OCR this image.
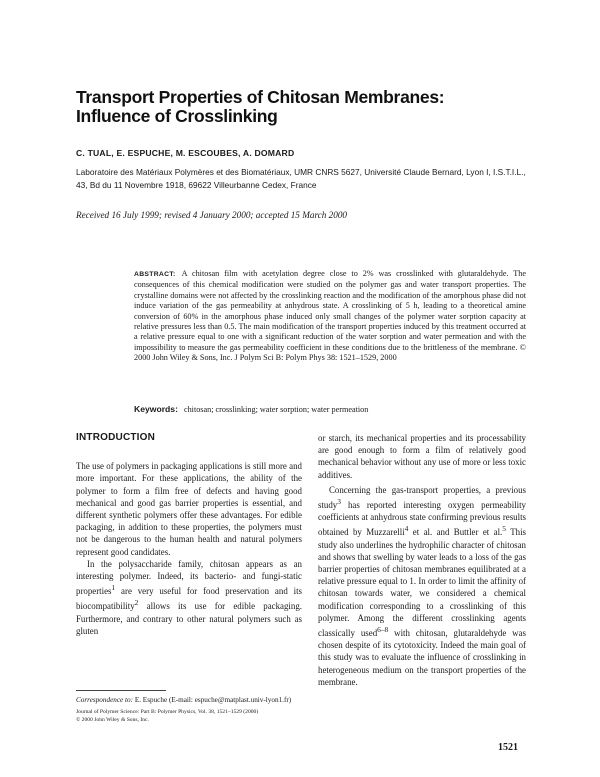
Transport Properties of Chitosan Membranes:
Influence of Crosslinking
C. TUAL, E. ESPUCHE, M. ESCOUBES, A. DOMARD
Laboratoire des Matériaux Polymères et des Biomatériaux, UMR CNRS 5627, Université Claude Bernard, Lyon I, I.S.T.I.L.,
43, Bd du 11 Novembre 1918, 69622 Villeurbanne Cedex, France
Received 16 July 1999; revised 4 January 2000; accepted 15 March 2000
ABSTRACT: A chitosan film with acetylation degree close to 2% was crosslinked with glutaraldehyde. The consequences of this chemical modification were studied on the polymer gas and water transport properties. The crystalline domains were not affected by the crosslinking reaction and the modification of the amorphous phase did not induce variation of the gas permeability at anhydrous state. A crosslinking of 5 h, leading to a theoretical amine conversion of 60% in the amorphous phase induced only small changes of the polymer water sorption capacity at relative pressures less than 0.5. The main modification of the transport properties induced by this treatment occurred at a relative pressure equal to one with a significant reduction of the water sorption and water permeation and with the impossibility to measure the gas permeability coefficient in these conditions due to the brittleness of the membrane. © 2000 John Wiley & Sons, Inc. J Polym Sci B: Polym Phys 38: 1521–1529, 2000
Keywords: chitosan; crosslinking; water sorption; water permeation
INTRODUCTION

The use of polymers in packaging applications is still more and more important. For these applications, the ability of the polymer to form a film free of defects and having good mechanical and good gas barrier properties is essential, and different synthetic polymers offer these advantages. For edible packaging, in addition to these properties, the polymers must not be dangerous to the human health and natural polymers represent good candidates.

In the polysaccharide family, chitosan appears as an interesting polymer. Indeed, its bacterio- and fungi-static properties$^1$ are very useful for food preservation and its biocompatibility$^2$ allows its use for edible packaging. Furthermore, and contrary to other natural polymers such as gluten

or starch, its mechanical properties and its processability are good enough to form a film of relatively good mechanical behavior without any use of more or less toxic additives.

Concerning the gas-transport properties, a previous study$^3$ has reported interesting oxygen permeability coefficients at anhydrous state confirming previous results obtained by Muzzarelli$^4$ et al. and Buttler et al.$^5$ This study also underlines the hydrophilic character of chitosan and shows that swelling by water leads to a loss of the gas barrier properties of chitosan membranes equilibrated at a relative pressure equal to 1. In order to limit the affinity of chitosan towards water, we considered a chemical modification corresponding to a crosslinking of this polymer. Among the different crosslinking agents classically used$^{6-8}$ with chitosan, glutaraldehyde was chosen despite of its cytotoxicity. Indeed the main goal of this study was to evaluate the influence of crosslinking in heterogeneous medium on the transport properties of the membrane.

Correspondence to: E. Espuche (E-mail: espuche@matplast.univ-lyon1.fr)
Journal of Polymer Science: Part B: Polymer Physics, Vol. 38, 1521–1529 (2000)
© 2000 John Wiley & Sons, Inc.
1521
